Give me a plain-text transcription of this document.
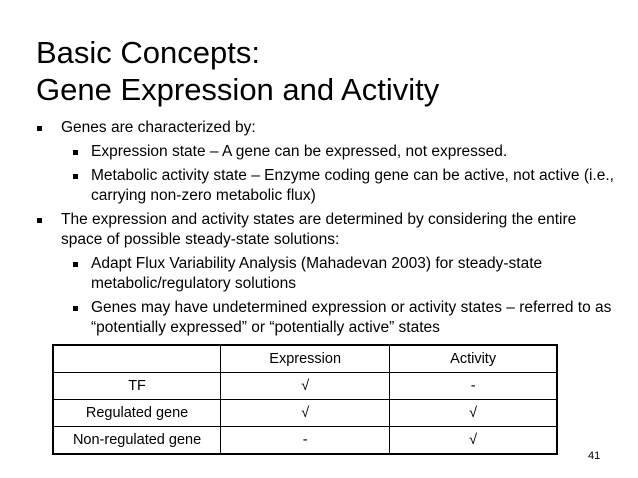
Basic Concepts:
Gene Expression and Activity
Genes are characterized by:
Expression state – A gene can be expressed, not expressed.
Metabolic activity state – Enzyme coding gene can be active, not active (i.e., carrying non-zero metabolic flux)
The expression and activity states are determined by considering the entire space of possible steady-state solutions:
Adapt Flux Variability Analysis (Mahadevan 2003) for steady-state metabolic/regulatory solutions
Genes may have undetermined expression or activity states – referred to as “potentially expressed” or “potentially active” states
	Expression	Activity
TF	√	-
Regulated gene	√	√
Non-regulated gene	-	√
41
